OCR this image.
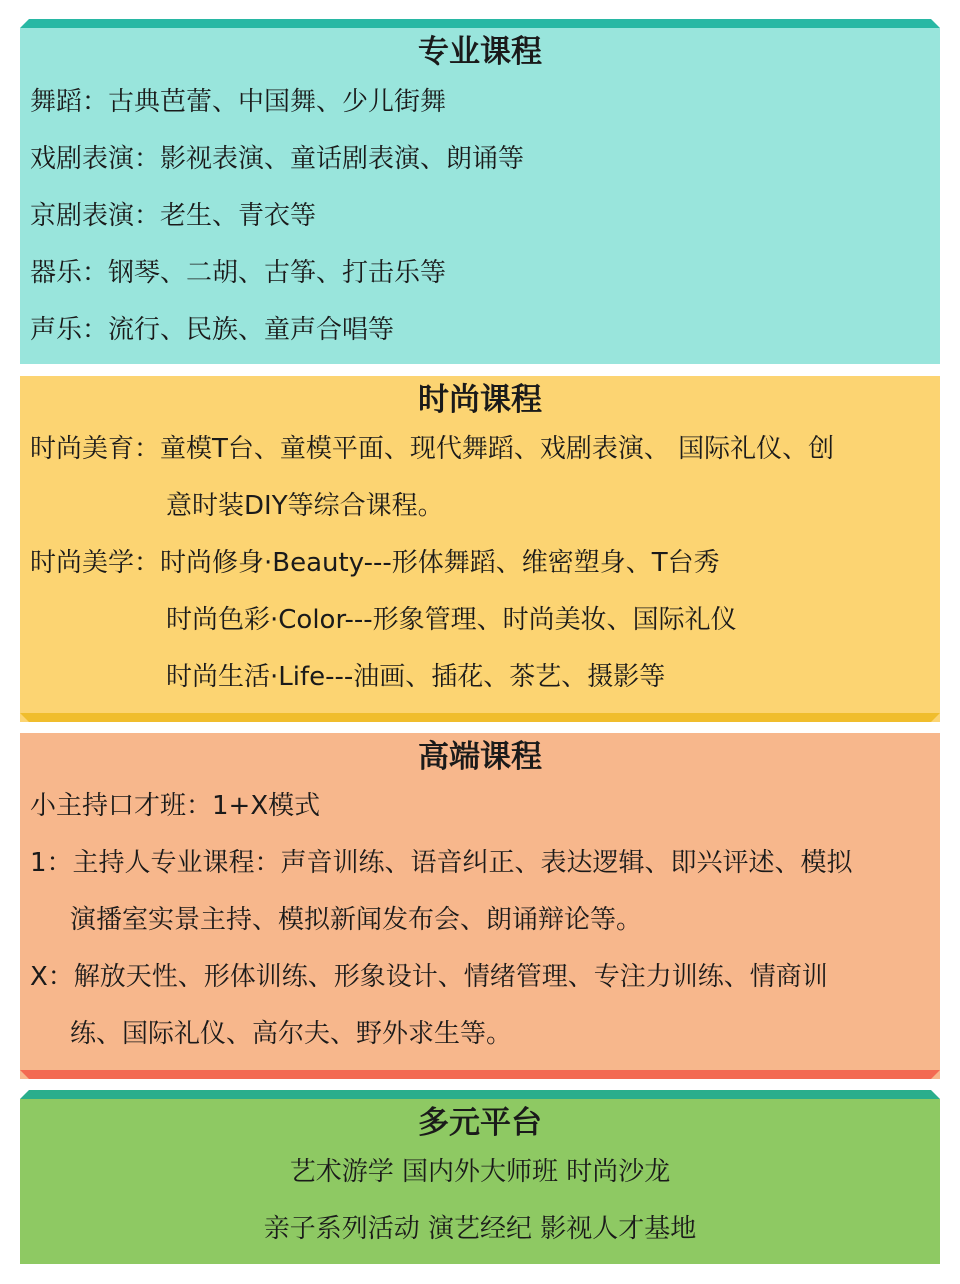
专业课程
舞蹈：古典芭蕾、中国舞、少儿街舞
戏剧表演：影视表演、童话剧表演、朗诵等
京剧表演：老生、青衣等
器乐：钢琴、二胡、古筝、打击乐等
声乐：流行、民族、童声合唱等
时尚课程
时尚美育：童模T台、童模平面、现代舞蹈、戏剧表演、 国际礼仪、创
意时装DIY等综合课程。
时尚美学：时尚修身·Beauty---形体舞蹈、维密塑身、T台秀
时尚色彩·Color---形象管理、时尚美妆、国际礼仪
时尚生活·Life---油画、插花、茶艺、摄影等
高端课程
小主持口才班：1+X模式
1：主持人专业课程：声音训练、语音纠正、表达逻辑、即兴评述、模拟
演播室实景主持、模拟新闻发布会、朗诵辩论等。
X：解放天性、形体训练、形象设计、情绪管理、专注力训练、情商训
练、国际礼仪、高尔夫、野外求生等。
多元平台
艺术游学 国内外大师班 时尚沙龙
亲子系列活动 演艺经纪 影视人才基地
